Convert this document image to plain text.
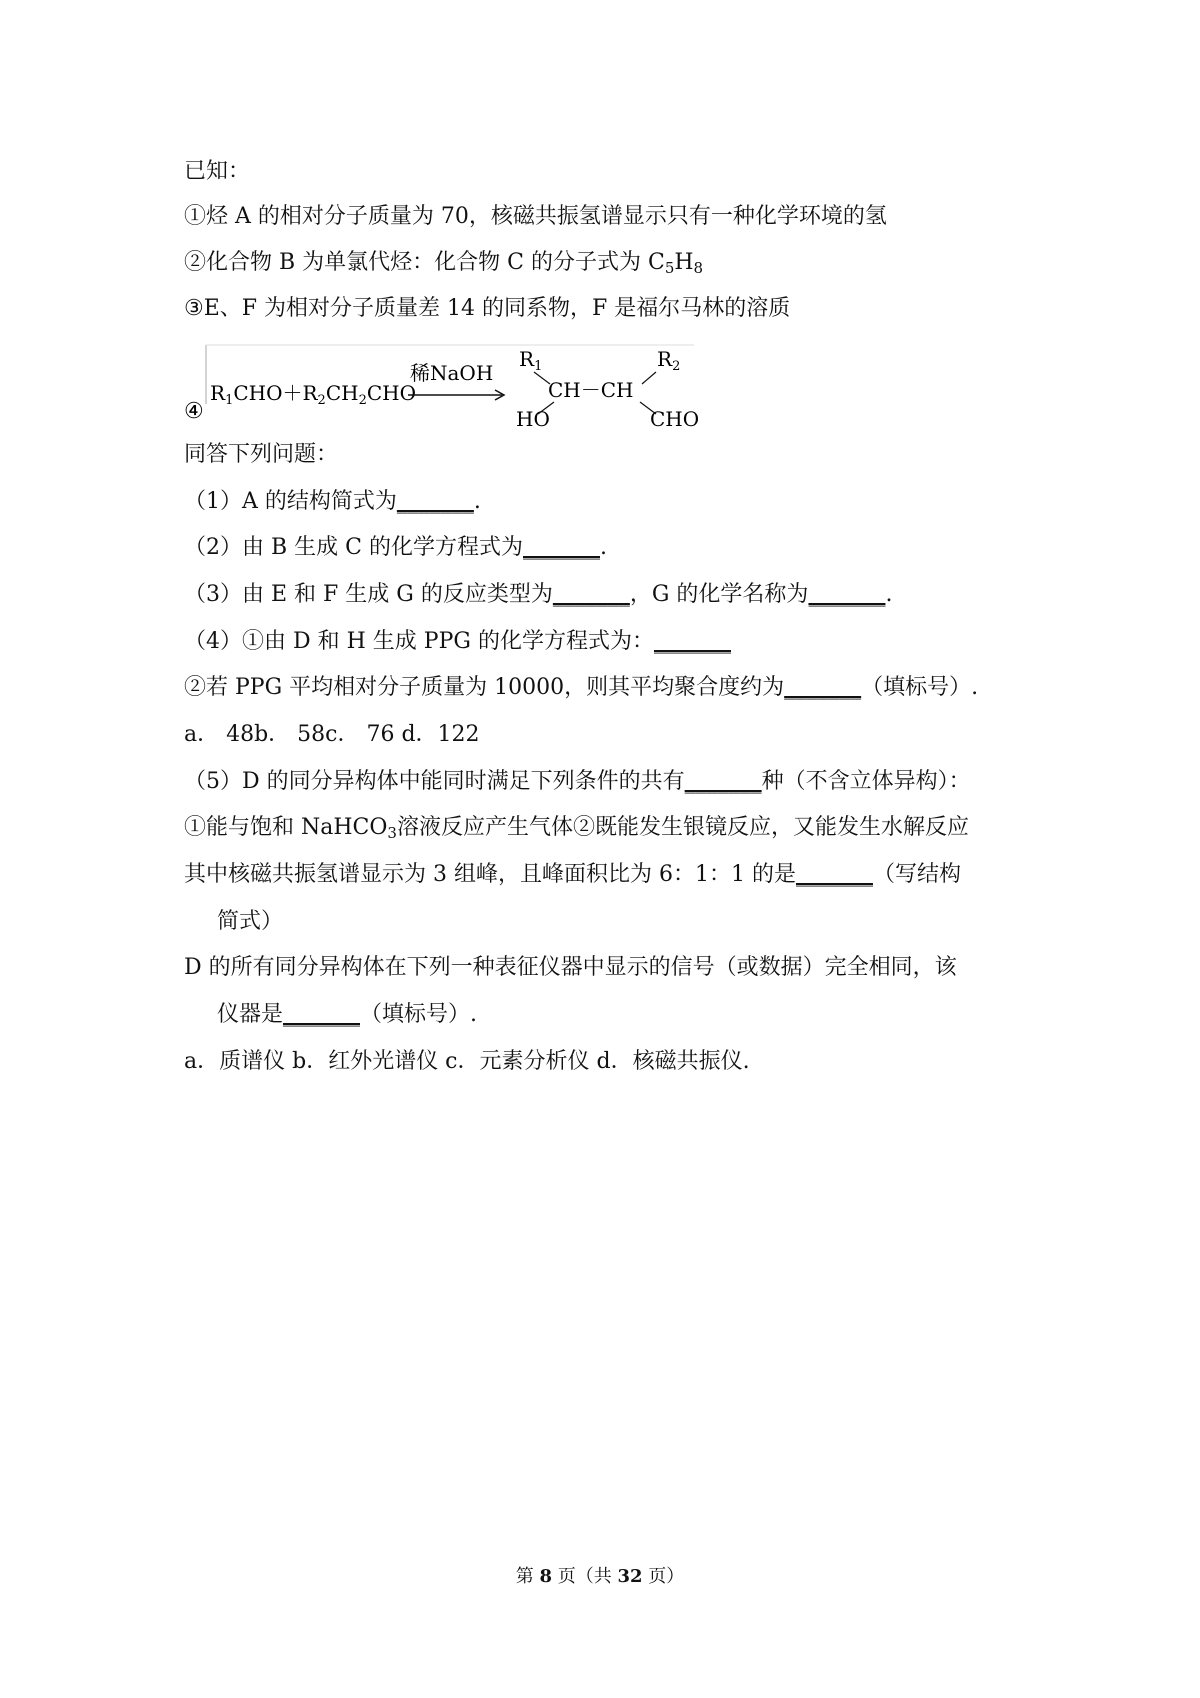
已知：
①烃 A 的相对分子质量为 70，核磁共振氢谱显示只有一种化学环境的氢
②化合物 B 为单氯代烃：化合物 C 的分子式为 $C_5H_8$
③E、F 为相对分子质量差 14 的同系物，F 是福尔马林的溶质
④
$R_1CHO+R_2CH_2CHO$
稀NaOH
$R_1$	$R_2$
CH－CH
HO	CHO
同答下列问题：
（1）A 的结构简式为_______.
（2）由 B 生成 C 的化学方程式为_______.
（3）由 E 和 F 生成 G 的反应类型为_______，G 的化学名称为_______.
（4）①由 D 和 H 生成 PPG 的化学方程式为：_______
②若 PPG 平均相对分子质量为 10000，则其平均聚合度约为_______（填标号）.
a． 48b． 58c． 76 d．122
（5）D 的同分异构体中能同时满足下列条件的共有_______种（不含立体异构）：
①能与饱和 NaHCO$_3$溶液反应产生气体②既能发生银镜反应，又能发生水解反应
其中核磁共振氢谱显示为 3 组峰，且峰面积比为 6：1：1 的是_______（写结构
简式）
D 的所有同分异构体在下列一种表征仪器中显示的信号（或数据）完全相同，该
仪器是_______（填标号）.
a．质谱仪 b．红外光谱仪 c．元素分析仪 d．核磁共振仪.
第 8 页（共 32 页）
